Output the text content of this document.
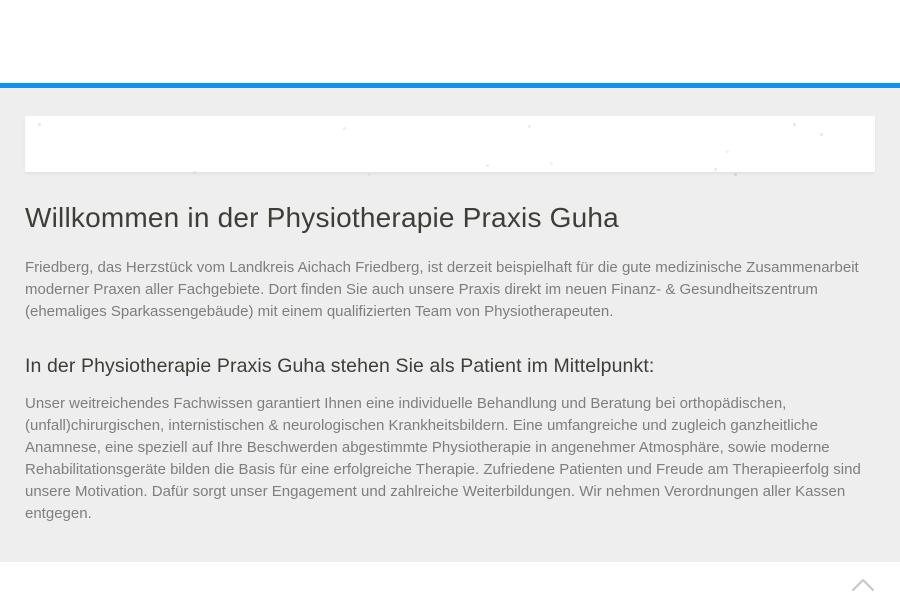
Willkommen in der Physiotherapie Praxis Guha

Friedberg, das Herzstück vom Landkreis Aichach Friedberg, ist derzeit beispielhaft für die gute medizinische Zusammenarbeit moderner Praxen aller Fachgebiete. Dort finden Sie auch unsere Praxis direkt im neuen Finanz- & Gesundheitszentrum (ehemaliges Sparkassengebäude) mit einem qualifizierten Team von Physiotherapeuten.

In der Physiotherapie Praxis Guha stehen Sie als Patient im Mittelpunkt:

Unser weitreichendes Fachwissen garantiert Ihnen eine individuelle Behandlung und Beratung bei orthopädischen, (unfall)chirurgischen, internistischen & neurologischen Krankheitsbildern. Eine umfangreiche und zugleich ganzheitliche Anamnese, eine speziell auf Ihre Beschwerden abgestimmte Physiotherapie in angenehmer Atmosphäre, sowie moderne Rehabilitationsgeräte bilden die Basis für eine erfolgreiche Therapie. Zufriedene Patienten und Freude am Therapieerfolg sind unsere Motivation. Dafür sorgt unser Engagement und zahlreiche Weiterbildungen. Wir nehmen Verordnungen aller Kassen entgegen.
